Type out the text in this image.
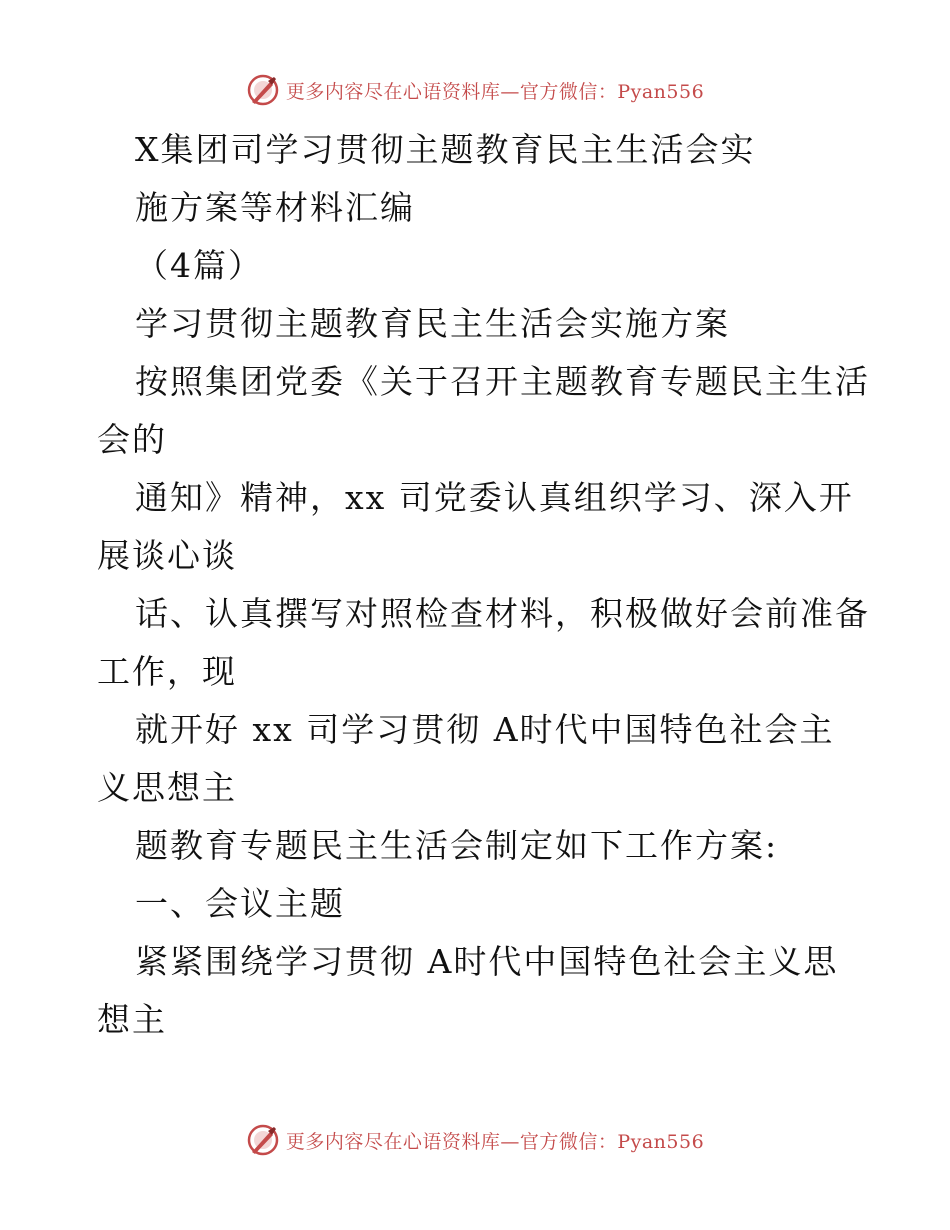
更多内容尽在心语资料库—官方微信：Pyan556
X集团司学习贯彻主题教育民主生活会实
施方案等材料汇编
（4篇）
学习贯彻主题教育民主生活会实施方案
按照集团党委《关于召开主题教育专题民主生活
会的
通知》精神，xx 司党委认真组织学习、深入开
展谈心谈
话、认真撰写对照检查材料，积极做好会前准备
工作，现
就开好 xx 司学习贯彻 A时代中国特色社会主
义思想主
题教育专题民主生活会制定如下工作方案:
一、会议主题
紧紧围绕学习贯彻 A时代中国特色社会主义思
想主
更多内容尽在心语资料库—官方微信：Pyan556
